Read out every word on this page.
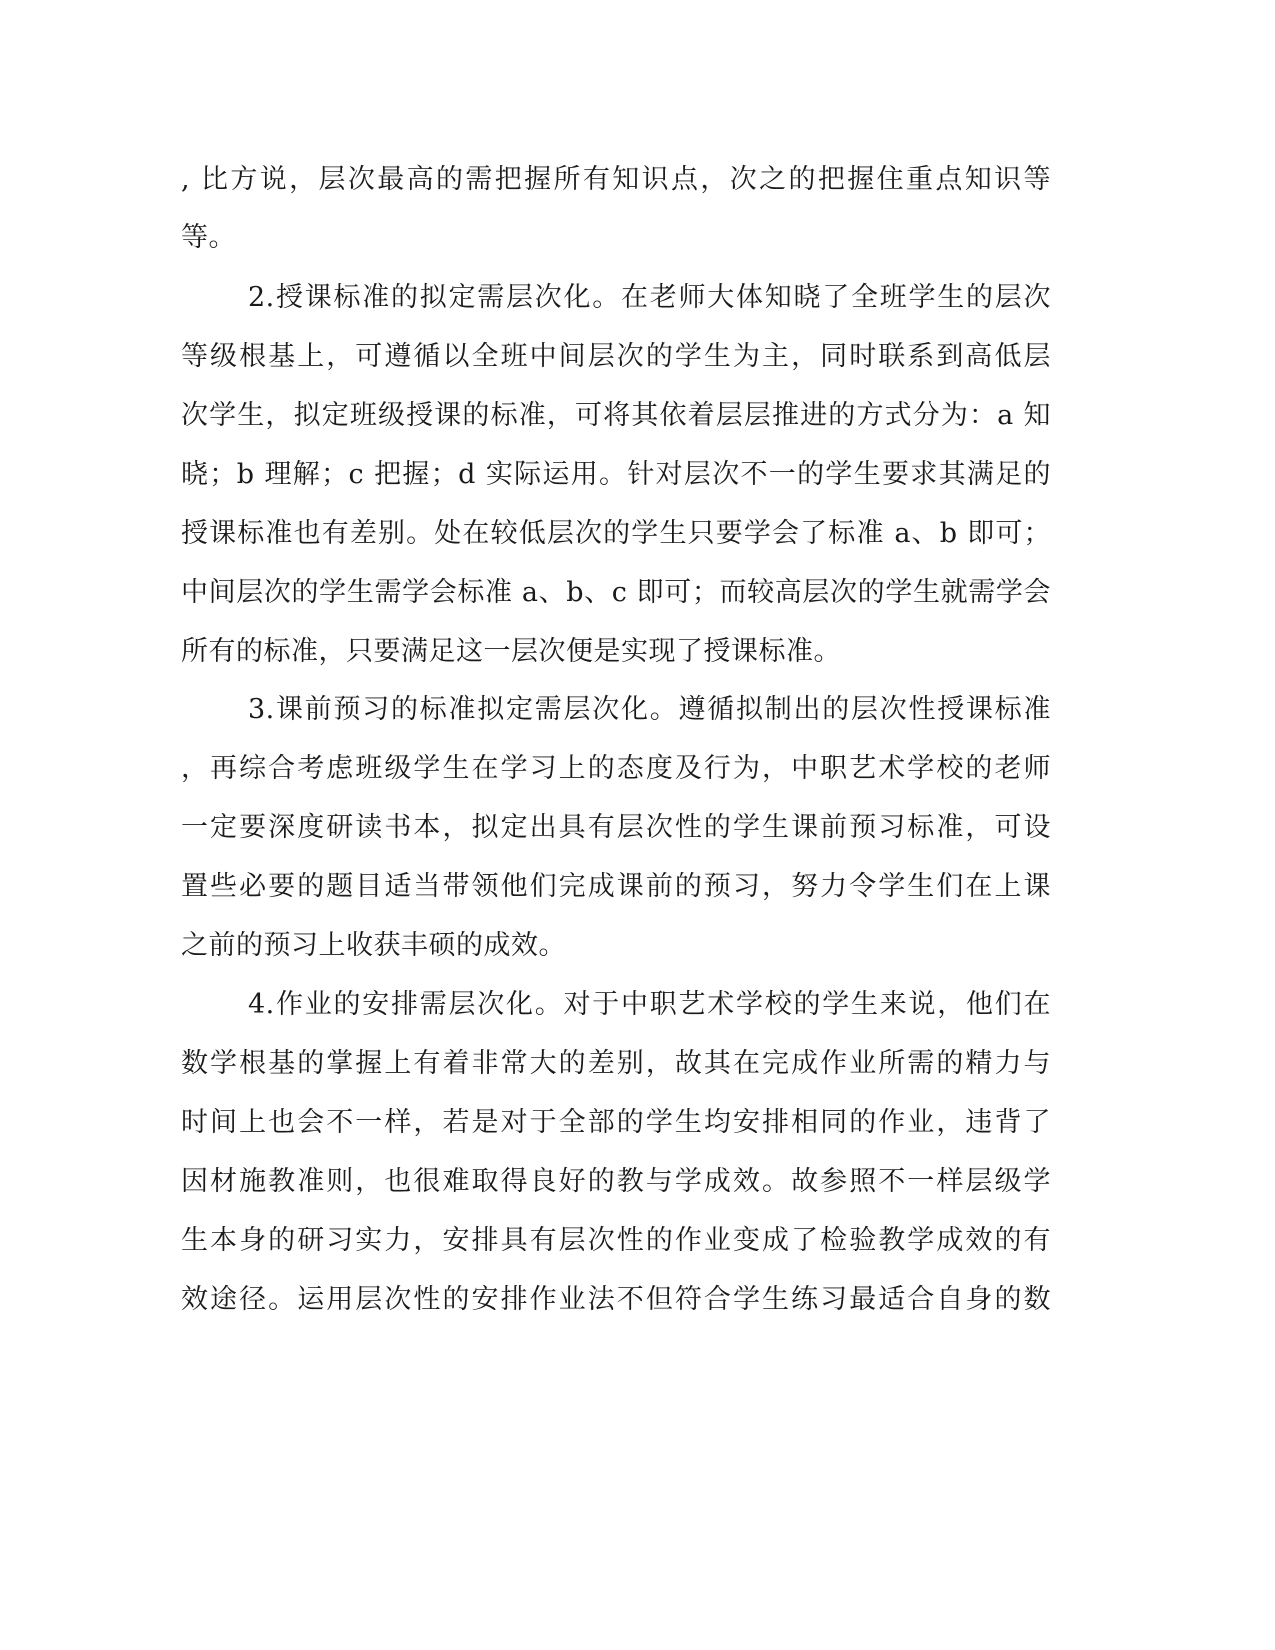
, 比方说，层次最高的需把握所有知识点，次之的把握住重点知识等
等。
2.授课标准的拟定需层次化。在老师大体知晓了全班学生的层次
等级根基上，可遵循以全班中间层次的学生为主，同时联系到高低层
次学生，拟定班级授课的标准，可将其依着层层推进的方式分为：a 知
晓；b 理解；c 把握；d 实际运用。针对层次不一的学生要求其满足的
授课标准也有差别。处在较低层次的学生只要学会了标准 a、b 即可；
中间层次的学生需学会标准 a、b、c 即可；而较高层次的学生就需学会
所有的标准，只要满足这一层次便是实现了授课标准。
3.课前预习的标准拟定需层次化。遵循拟制出的层次性授课标准
，再综合考虑班级学生在学习上的态度及行为，中职艺术学校的老师
一定要深度研读书本，拟定出具有层次性的学生课前预习标准，可设
置些必要的题目适当带领他们完成课前的预习，努力令学生们在上课
之前的预习上收获丰硕的成效。
4.作业的安排需层次化。对于中职艺术学校的学生来说，他们在
数学根基的掌握上有着非常大的差别，故其在完成作业所需的精力与
时间上也会不一样，若是对于全部的学生均安排相同的作业，违背了
因材施教准则，也很难取得良好的教与学成效。故参照不一样层级学
生本身的研习实力，安排具有层次性的作业变成了检验教学成效的有
效途径。运用层次性的安排作业法不但符合学生练习最适合自身的数
